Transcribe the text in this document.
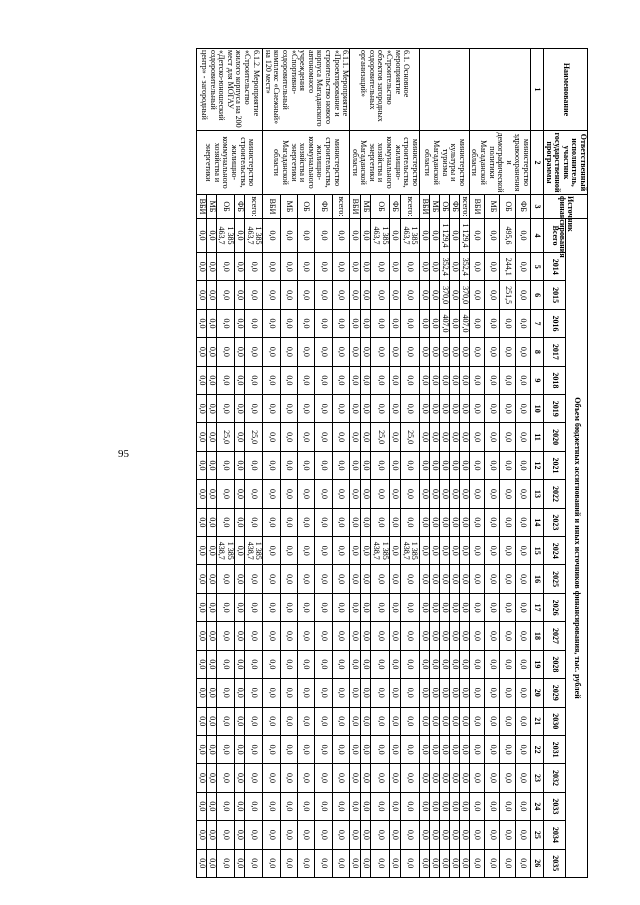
95
Наименование	Ответственный исполнитель, участник государственной программы	Источник финансирования	Объем бюджетных ассигнований и иных источников финансирования, тыс. рублей																						
			Всего	2014	2015	2016	2017	2018	2019	2020	2021	2022	2023	2024	2025	2026	2027	2028	2029	2030	2031	2032	2033	2034	2035
1	2	3	4	5	6	7	8	9	10	11	12	13	14	15	16	17	18	19	20	21	22	23	24	25	26
	министерство здравоохранения и демографической политики Магаданской области	ФБ	0,0	0,0	0,0	0,0	0,0	0,0	0,0	0,0	0,0	0,0	0,0	0,0	0,0	0,0	0,0	0,0	0,0	0,0	0,0	0,0	0,0	0,0	0,0
		ОБ	495,6	244,1	251,5	0,0	0,0	0,0	0,0	0,0	0,0	0,0	0,0	0,0	0,0	0,0	0,0	0,0	0,0	0,0	0,0	0,0	0,0	0,0	0,0
		МБ	0,0	0,0	0,0	0,0	0,0	0,0	0,0	0,0	0,0	0,0	0,0	0,0	0,0	0,0	0,0	0,0	0,0	0,0	0,0	0,0	0,0	0,0	0,0
		ВБИ	0,0	0,0	0,0	0,0	0,0	0,0	0,0	0,0	0,0	0,0	0,0	0,0	0,0	0,0	0,0	0,0	0,0	0,0	0,0	0,0	0,0	0,0	0,0
	министерство культуры и туризма Магаданской области	всего:	1 129,4	352,4	370,0	407,0	0,0	0,0	0,0	0,0	0,0	0,0	0,0	0,0	0,0	0,0	0,0	0,0	0,0	0,0	0,0	0,0	0,0	0,0	0,0
		ФБ	0,0	0,0	0,0	0,0	0,0	0,0	0,0	0,0	0,0	0,0	0,0	0,0	0,0	0,0	0,0	0,0	0,0	0,0	0,0	0,0	0,0	0,0	0,0
		ОБ	1 129,4	352,4	370,0	407,0	0,0	0,0	0,0	0,0	0,0	0,0	0,0	0,0	0,0	0,0	0,0	0,0	0,0	0,0	0,0	0,0	0,0	0,0	0,0
		МБ	0,0	0,0	0,0	0,0	0,0	0,0	0,0	0,0	0,0	0,0	0,0	0,0	0,0	0,0	0,0	0,0	0,0	0,0	0,0	0,0	0,0	0,0	0,0
		ВБИ	0,0	0,0	0,0	0,0	0,0	0,0	0,0	0,0	0,0	0,0	0,0	0,0	0,0	0,0	0,0	0,0	0,0	0,0	0,0	0,0	0,0	0,0	0,0
6.1. Основное мероприятие «Строительство объектов загородных оздоровительных организаций»	министерство строительства, жилищно-коммунального хозяйства и энергетики Магаданской области	всего:	1 385 463,7	0,0	0,0	0,0	0,0	0,0	0,0	25,0	0,0	0,0	0,0	1 385 438,7	0,0	0,0	0,0	0,0	0,0	0,0	0,0	0,0	0,0	0,0	0,0
		ФБ	0,0	0,0	0,0	0,0	0,0	0,0	0,0	0,0	0,0	0,0	0,0	0,0	0,0	0,0	0,0	0,0	0,0	0,0	0,0	0,0	0,0	0,0	0,0
		ОБ	1 385 463,7	0,0	0,0	0,0	0,0	0,0	0,0	25,0	0,0	0,0	0,0	1 385 438,7	0,0	0,0	0,0	0,0	0,0	0,0	0,0	0,0	0,0	0,0	0,0
		МБ	0,0	0,0	0,0	0,0	0,0	0,0	0,0	0,0	0,0	0,0	0,0	0,0	0,0	0,0	0,0	0,0	0,0	0,0	0,0	0,0	0,0	0,0	0,0
		ВБИ	0,0	0,0	0,0	0,0	0,0	0,0	0,0	0,0	0,0	0,0	0,0	0,0	0,0	0,0	0,0	0,0	0,0	0,0	0,0	0,0	0,0	0,0	0,0
6.1.1. Мероприятие «Проектирование и строительство нового корпуса Магаданского автономного учреждения «Спортивно-оздоровительный комплекс «Снежный» на 120 мест»	министерство строительства, жилищно-коммунального хозяйства и энергетики Магаданской области	всего:	0,0	0,0	0,0	0,0	0,0	0,0	0,0	0,0	0,0	0,0	0,0	0,0	0,0	0,0	0,0	0,0	0,0	0,0	0,0	0,0	0,0	0,0	0,0
		ФБ	0,0	0,0	0,0	0,0	0,0	0,0	0,0	0,0	0,0	0,0	0,0	0,0	0,0	0,0	0,0	0,0	0,0	0,0	0,0	0,0	0,0	0,0	0,0
		ОБ	0,0	0,0	0,0	0,0	0,0	0,0	0,0	0,0	0,0	0,0	0,0	0,0	0,0	0,0	0,0	0,0	0,0	0,0	0,0	0,0	0,0	0,0	0,0
		МБ	0,0	0,0	0,0	0,0	0,0	0,0	0,0	0,0	0,0	0,0	0,0	0,0	0,0	0,0	0,0	0,0	0,0	0,0	0,0	0,0	0,0	0,0	0,0
		ВБИ	0,0	0,0	0,0	0,0	0,0	0,0	0,0	0,0	0,0	0,0	0,0	0,0	0,0	0,0	0,0	0,0	0,0	0,0	0,0	0,0	0,0	0,0	0,0
6.1.2. Мероприятие «Строительство жилого корпуса на 200 мест для МОГАУ «Детско-юношеский оздоровительный центр» - загородный	министерство строительства, жилищно-коммунального хозяйства и энергетики	всего:	1 385 463,7	0,0	0,0	0,0	0,0	0,0	0,0	25,0	0,0	0,0	0,0	1 385 438,7	0,0	0,0	0,0	0,0	0,0	0,0	0,0	0,0	0,0	0,0	0,0
		ФБ	0,0	0,0	0,0	0,0	0,0	0,0	0,0	0,0	0,0	0,0	0,0	0,0	0,0	0,0	0,0	0,0	0,0	0,0	0,0	0,0	0,0	0,0	0,0
		ОБ	1 385 463,7	0,0	0,0	0,0	0,0	0,0	0,0	25,0	0,0	0,0	0,0	1 385 438,7	0,0	0,0	0,0	0,0	0,0	0,0	0,0	0,0	0,0	0,0	0,0
		МБ	0,0	0,0	0,0	0,0	0,0	0,0	0,0	0,0	0,0	0,0	0,0	0,0	0,0	0,0	0,0	0,0	0,0	0,0	0,0	0,0	0,0	0,0	0,0
		ВБИ	0,0	0,0	0,0	0,0	0,0	0,0	0,0	0,0	0,0	0,0	0,0	0,0	0,0	0,0	0,0	0,0	0,0	0,0	0,0	0,0	0,0	0,0	0,0
